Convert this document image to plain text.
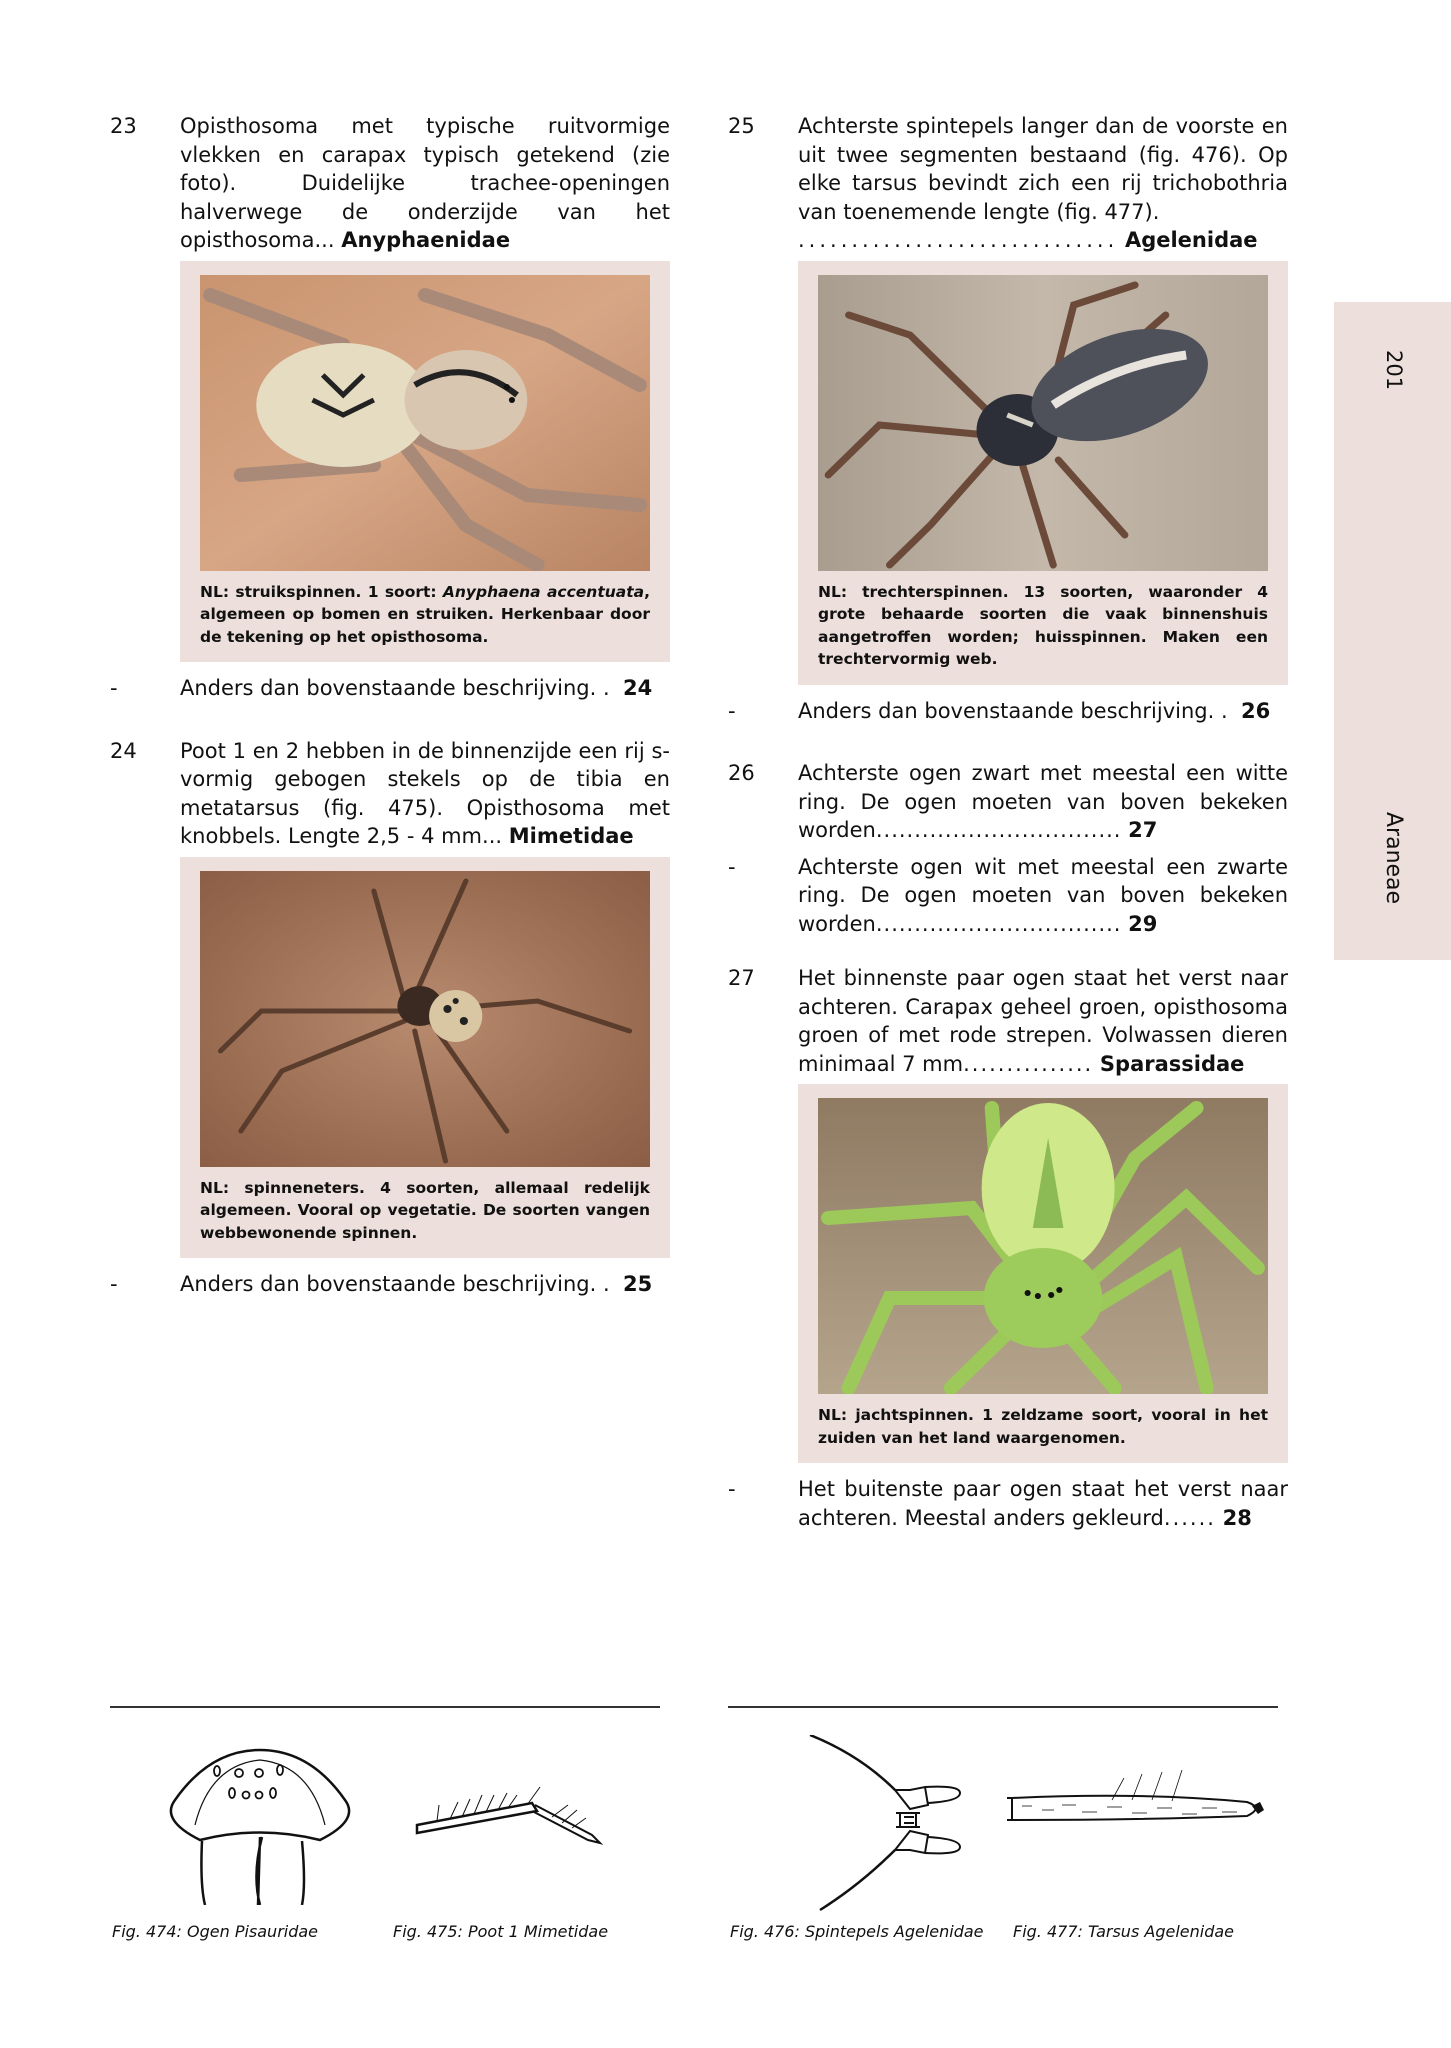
23	Opisthosoma met typische ruitvormige vlekken en carapax typisch getekend (zie foto). Duidelijke trachee-openingen halverwege de onderzijde van het opisthosoma... Anyphaenidae
NL: struikspinnen. 1 soort: Anyphaena accentuata, algemeen op bomen en struiken. Herkenbaar door de tekening op het opisthosoma.
-	Anders dan bovenstaande beschrijving. . 24
24	Poot 1 en 2 hebben in de binnenzijde een rij s-vormig gebogen stekels op de tibia en metatarsus (fig. 475). Opisthosoma met knobbels. Lengte 2,5 - 4 mm... Mimetidae
NL: spinneneters. 4 soorten, allemaal redelijk algemeen. Vooral op vegetatie. De soorten vangen webbewonende spinnen.
-	Anders dan bovenstaande beschrijving. . 25
25	Achterste spintepels langer dan de voorste en uit twee segmenten bestaand (fig. 476). Op elke tarsus bevindt zich een rij trichobothria van toenemende lengte (fig. 477).
.............................. Agelenidae
NL: trechterspinnen. 13 soorten, waaronder 4 grote behaarde soorten die vaak binnenshuis aangetroffen worden; huisspinnen. Maken een trechtervormig web.
-	Anders dan bovenstaande beschrijving. . 26
26	Achterste ogen zwart met meestal een witte ring. De ogen moeten van boven bekeken worden................................ 27
-	Achterste ogen wit met meestal een zwarte ring. De ogen moeten van boven bekeken worden................................ 29
27	Het binnenste paar ogen staat het verst naar achteren. Carapax geheel groen, opisthosoma groen of met rode strepen. Volwassen dieren minimaal 7 mm............... Sparassidae
NL: jachtspinnen. 1 zeldzame soort, vooral in het zuiden van het land waargenomen.
-	Het buitenste paar ogen staat het verst naar achteren. Meestal anders gekleurd...... 28
201
Araneae
Fig. 474: Ogen Pisauridae	Fig. 475: Poot 1 Mimetidae	Fig. 476: Spintepels Agelenidae Fig. 477: Tarsus Agelenidae
